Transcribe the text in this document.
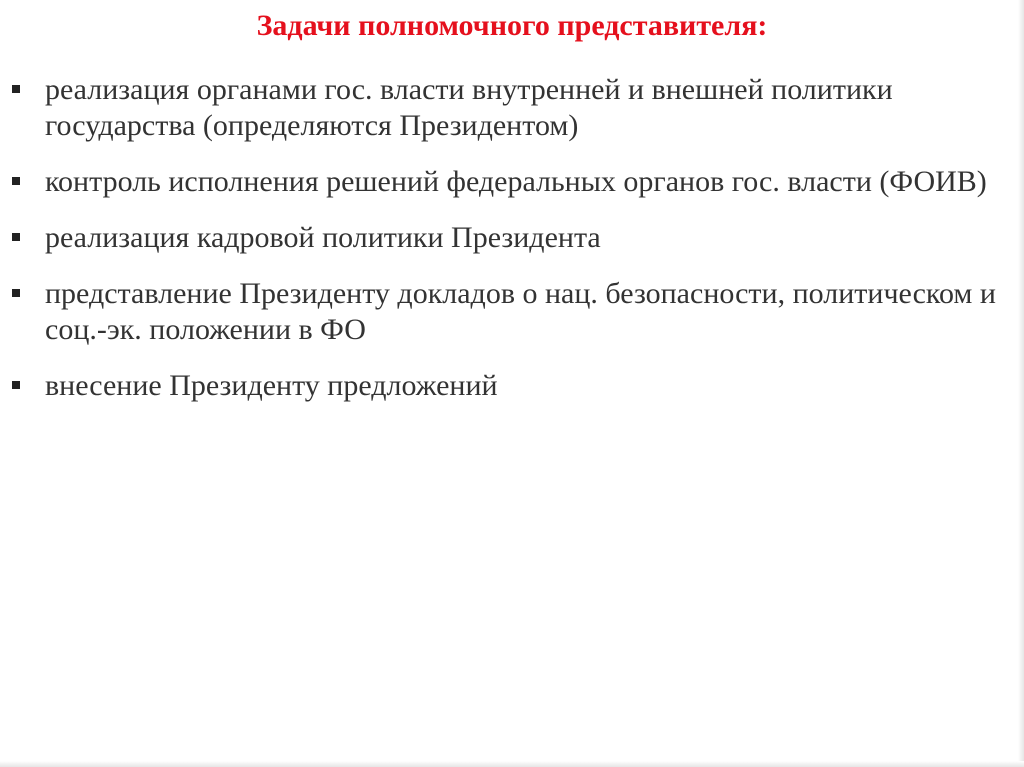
Задачи полномочного представителя:
реализация органами гос. власти внутренней и внешней политики государства (определяются Президентом)
контроль исполнения решений федеральных органов гос. власти (ФОИВ)
реализация кадровой политики Президента
представление Президенту докладов о нац. безопасности, политическом и соц.-эк. положении в ФО
внесение Президенту предложений
